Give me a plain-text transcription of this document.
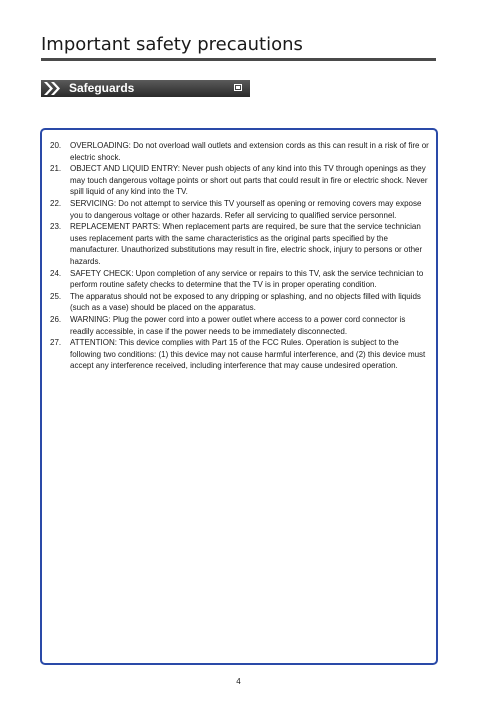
Important safety precautions
Safeguards
20. OVERLOADING: Do not overload wall outlets and extension cords as this can result in a risk of fire or electric shock.
21. OBJECT AND LIQUID ENTRY: Never push objects of any kind into this TV through openings as they may touch dangerous voltage points or short out parts that could result in fire or electric shock. Never spill liquid of any kind into the TV.
22. SERVICING: Do not attempt to service this TV yourself as opening or removing covers may expose you to dangerous voltage or other hazards. Refer all servicing to qualified service personnel.
23. REPLACEMENT PARTS: When replacement parts are required, be sure that the service technician uses replacement parts with the same characteristics as the original parts specified by the manufacturer. Unauthorized substitutions may result in fire, electric shock, injury to persons or other hazards.
24. SAFETY CHECK: Upon completion of any service or repairs to this TV, ask the service technician to perform routine safety checks to determine that the TV is in proper operating condition.
25. The apparatus should not be exposed to any dripping or splashing, and no objects filled with liquids (such as a vase) should be placed on the apparatus.
26. WARNING: Plug the power cord into a power outlet where access to a power cord connector is readily accessible, in case if the power needs to be immediately disconnected.
27. ATTENTION: This device complies with Part 15 of the FCC Rules. Operation is subject to the following two conditions: (1) this device may not cause harmful interference, and (2) this device must accept any interference received, including interference that may cause undesired operation.
4
